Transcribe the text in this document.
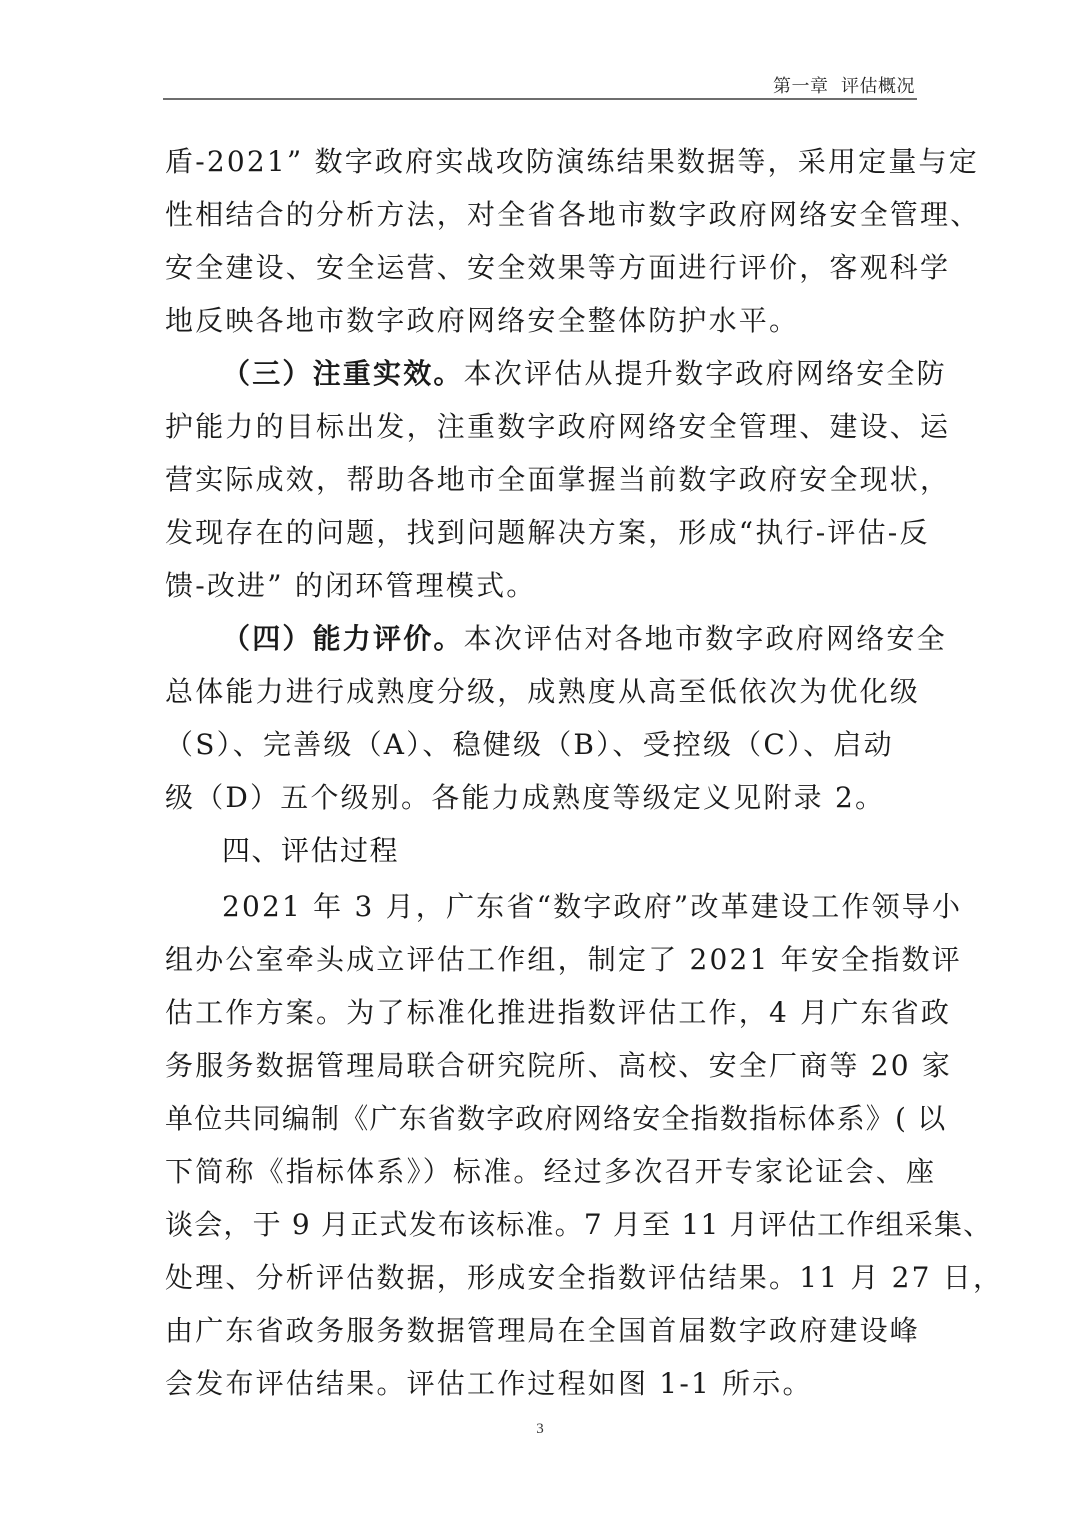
第一章  评估概况
盾-2021” 数字政府实战攻防演练结果数据等，采用定量与定
性相结合的分析方法，对全省各地市数字政府网络安全管理、
安全建设、安全运营、安全效果等方面进行评价，客观科学
地反映各地市数字政府网络安全整体防护水平。
（三）注重实效。本次评估从提升数字政府网络安全防
护能力的目标出发，注重数字政府网络安全管理、建设、运
营实际成效，帮助各地市全面掌握当前数字政府安全现状，
发现存在的问题，找到问题解决方案，形成“执行-评估-反
馈-改进” 的闭环管理模式。
（四）能力评价。本次评估对各地市数字政府网络安全
总体能力进行成熟度分级，成熟度从高至低依次为优化级
（S）、完善级（A）、稳健级（B）、受控级（C）、启动
级（D）五个级别。各能力成熟度等级定义见附录 2。
四、评估过程
2021 年 3 月，广东省“数字政府”改革建设工作领导小
组办公室牵头成立评估工作组，制定了 2021 年安全指数评
估工作方案。为了标准化推进指数评估工作，4 月广东省政
务服务数据管理局联合研究院所、高校、安全厂商等 20 家
单位共同编制《广东省数字政府网络安全指数指标体系》( 以
下简称《指标体系》）标准。经过多次召开专家论证会、座
谈会，于 9 月正式发布该标准。7 月至 11 月评估工作组采集、
处理、分析评估数据，形成安全指数评估结果。11 月 27 日，
由广东省政务服务数据管理局在全国首届数字政府建设峰
会发布评估结果。评估工作过程如图 1-1 所示。
3
